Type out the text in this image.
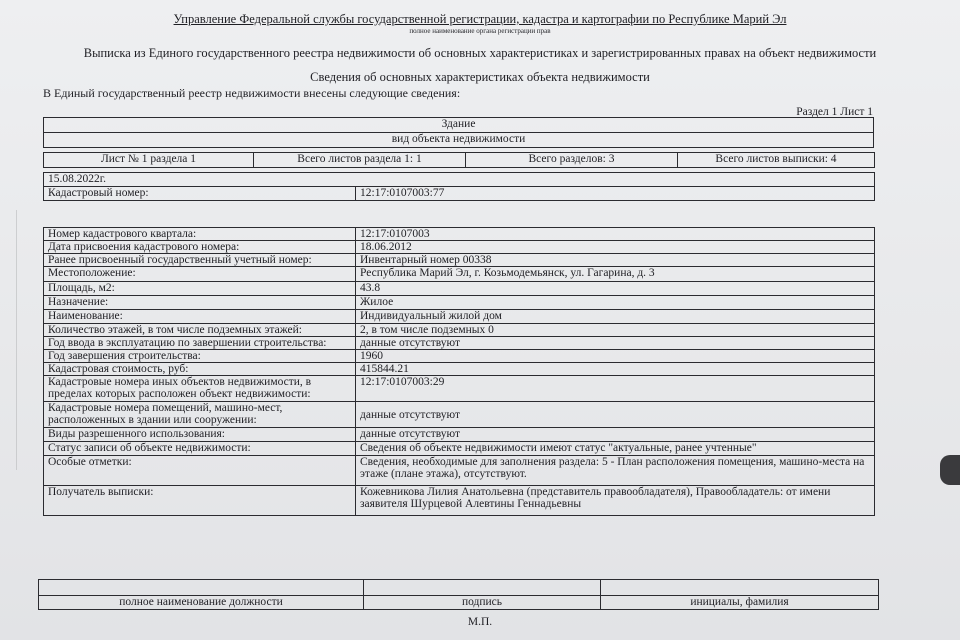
Управление Федеральной службы государственной регистрации, кадастра и картографии по Республике Марий Эл
полное наименование органа регистрации прав
Выписка из Единого государственного реестра недвижимости об основных характеристиках и зарегистрированных правах на объект недвижимости
Сведения об основных характеристиках объекта недвижимости
В Единый государственный реестр недвижимости внесены следующие сведения:
Раздел 1 Лист 1
Здание
вид объекта недвижимости
Лист № 1 раздела 1	Всего листов раздела 1: 1	Всего разделов: 3	Всего листов выписки: 4
15.08.2022г.
Кадастровый номер:	12:17:0107003:77
Номер кадастрового квартала:	12:17:0107003
Дата присвоения кадастрового номера:	18.06.2012
Ранее присвоенный государственный учетный номер:	Инвентарный номер 00338
Местоположение:	Республика Марий Эл, г. Козьмодемьянск, ул. Гагарина, д. 3
Площадь, м2:	43.8
Назначение:	Жилое
Наименование:	Индивидуальный жилой дом
Количество этажей, в том числе подземных этажей:	2, в том числе подземных 0
Год ввода в эксплуатацию по завершении строительства:	данные отсутствуют
Год завершения строительства:	1960
Кадастровая стоимость, руб:	415844.21
Кадастровые номера иных объектов недвижимости, в пределах которых расположен объект недвижимости:	12:17:0107003:29
Кадастровые номера помещений, машино-мест, расположенных в здании или сооружении:	данные отсутствуют
Виды разрешенного использования:	данные отсутствуют
Статус записи об объекте недвижимости:	Сведения об объекте недвижимости имеют статус "актуальные, ранее учтенные"
Особые отметки:	Сведения, необходимые для заполнения раздела: 5 - План расположения помещения, машино-места на этаже (плане этажа), отсутствуют.
Получатель выписки:	Кожевникова Лилия Анатольевна (представитель правообладателя), Правообладатель: от имени заявителя Шурцевой Алевтины Геннадьевны

полное наименование должности	подпись	инициалы, фамилия
М.П.
